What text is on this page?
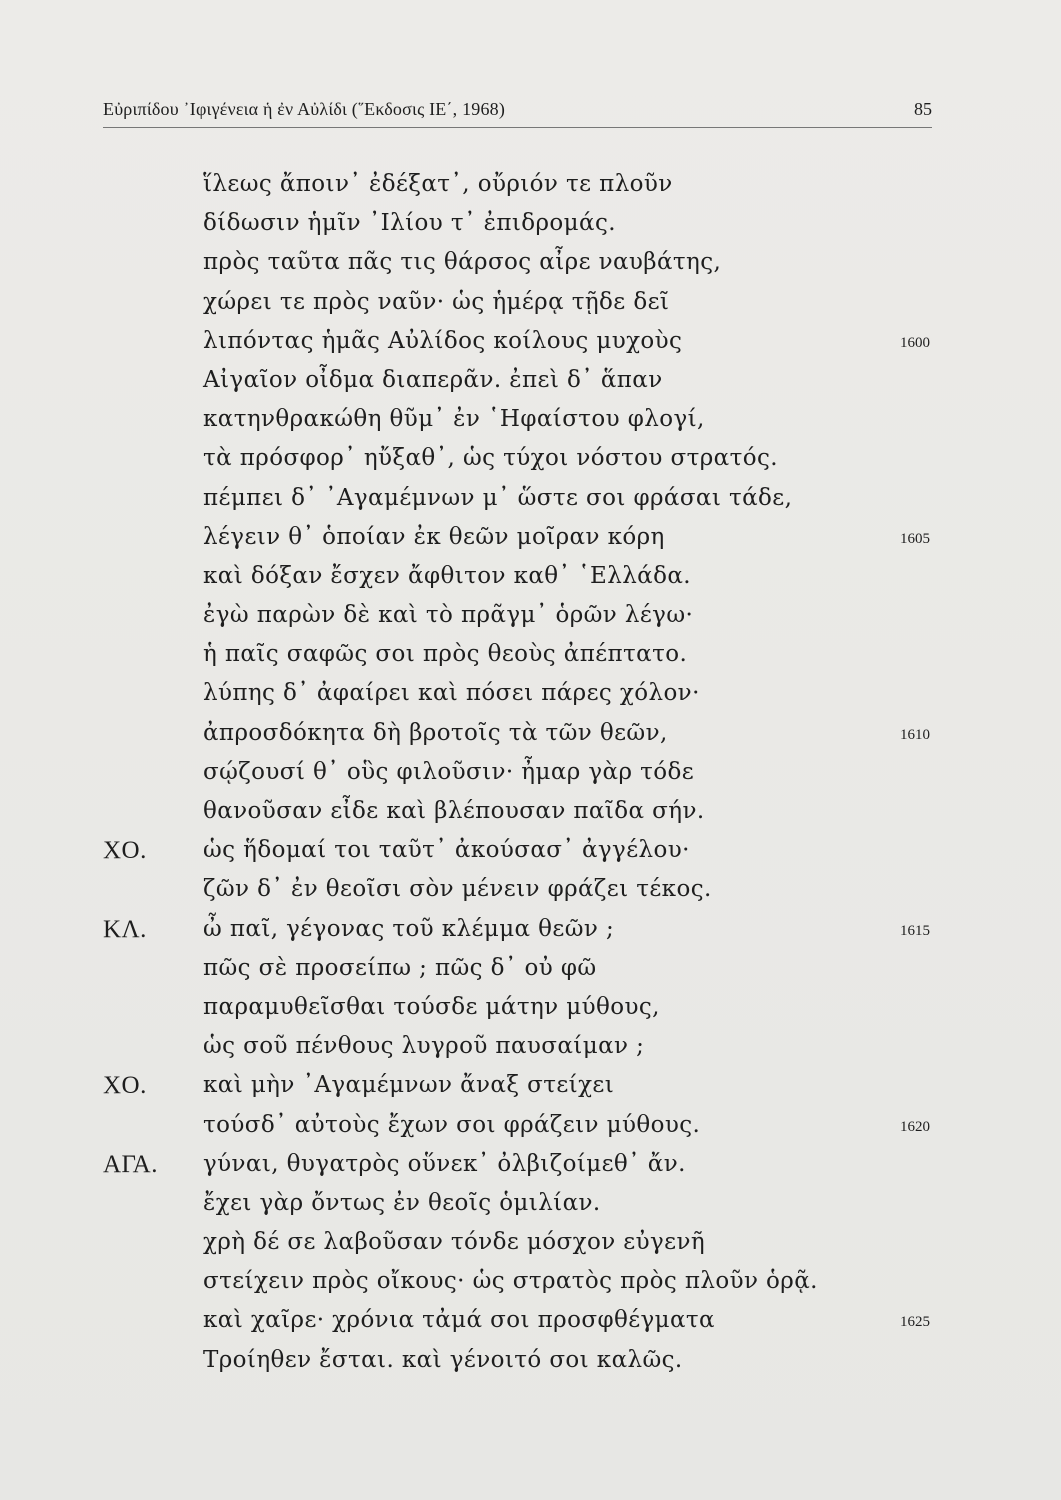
Εὐριπίδου ᾿Ιφιγένεια ἡ ἐν Αὐλίδι (῞Εκδοσις ΙΕ΄, 1968)	85
ἵλεως ἄποιν᾽ ἐδέξατ᾽, οὔριόν τε πλοῦν
δίδωσιν ἡμῖν ᾿Ιλίου τ᾽ ἐπιδρομάς.
πρὸς ταῦτα πᾶς τις θάρσος αἶρε ναυβάτης,
χώρει τε πρὸς ναῦν· ὡς ἡμέρᾳ τῇδε δεῖ
λιπόντας ἡμᾶς Αὐλίδος κοίλους μυχοὺς	1600
Αἰγαῖον οἶδμα διαπερᾶν. ἐπεὶ δ᾽ ἅπαν
κατηνθρακώθη θῦμ᾽ ἐν ῾Ηφαίστου φλογί,
τὰ πρόσφορ᾽ ηὔξαθ᾽, ὡς τύχοι νόστου στρατός.
πέμπει δ᾽ ᾿Αγαμέμνων μ᾽ ὥστε σοι φράσαι τάδε,
λέγειν θ᾽ ὁποίαν ἐκ θεῶν μοῖραν κόρη	1605
καὶ δόξαν ἔσχεν ἄφθιτον καθ᾽ ῾Ελλάδα.
ἐγὼ παρὼν δὲ καὶ τὸ πρᾶγμ᾽ ὁρῶν λέγω·
ἡ παῖς σαφῶς σοι πρὸς θεοὺς ἀπέπτατο.
λύπης δ᾽ ἀφαίρει καὶ πόσει πάρες χόλον·
ἀπροσδόκητα δὴ βροτοῖς τὰ τῶν θεῶν,	1610
σῴζουσί θ᾽ οὓς φιλοῦσιν· ἦμαρ γὰρ τόδε
θανοῦσαν εἶδε καὶ βλέπουσαν παῖδα σήν.
ΧΟ. ὡς ἥδομαί τοι ταῦτ᾽ ἀκούσασ᾽ ἀγγέλου·
ζῶν δ᾽ ἐν θεοῖσι σὸν μένειν φράζει τέκος.
ΚΛ. ὦ παῖ, γέγονας τοῦ κλέμμα θεῶν ;	1615
πῶς σὲ προσείπω ; πῶς δ᾽ οὐ φῶ
παραμυθεῖσθαι τούσδε μάτην μύθους,
ὡς σοῦ πένθους λυγροῦ παυσαίμαν ;
ΧΟ. καὶ μὴν ᾿Αγαμέμνων ἄναξ στείχει
τούσδ᾽ αὐτοὺς ἔχων σοι φράζειν μύθους.	1620
ΑΓΑ. γύναι, θυγατρὸς οὕνεκ᾽ ὀλβιζοίμεθ᾽ ἄν.
ἔχει γὰρ ὄντως ἐν θεοῖς ὁμιλίαν.
χρὴ δέ σε λαβοῦσαν τόνδε μόσχον εὐγενῆ
στείχειν πρὸς οἴκους· ὡς στρατὸς πρὸς πλοῦν ὁρᾷ.
καὶ χαῖρε· χρόνια τἀμά σοι προσφθέγματα	1625
Τροίηθεν ἔσται. καὶ γένοιτό σοι καλῶς.
